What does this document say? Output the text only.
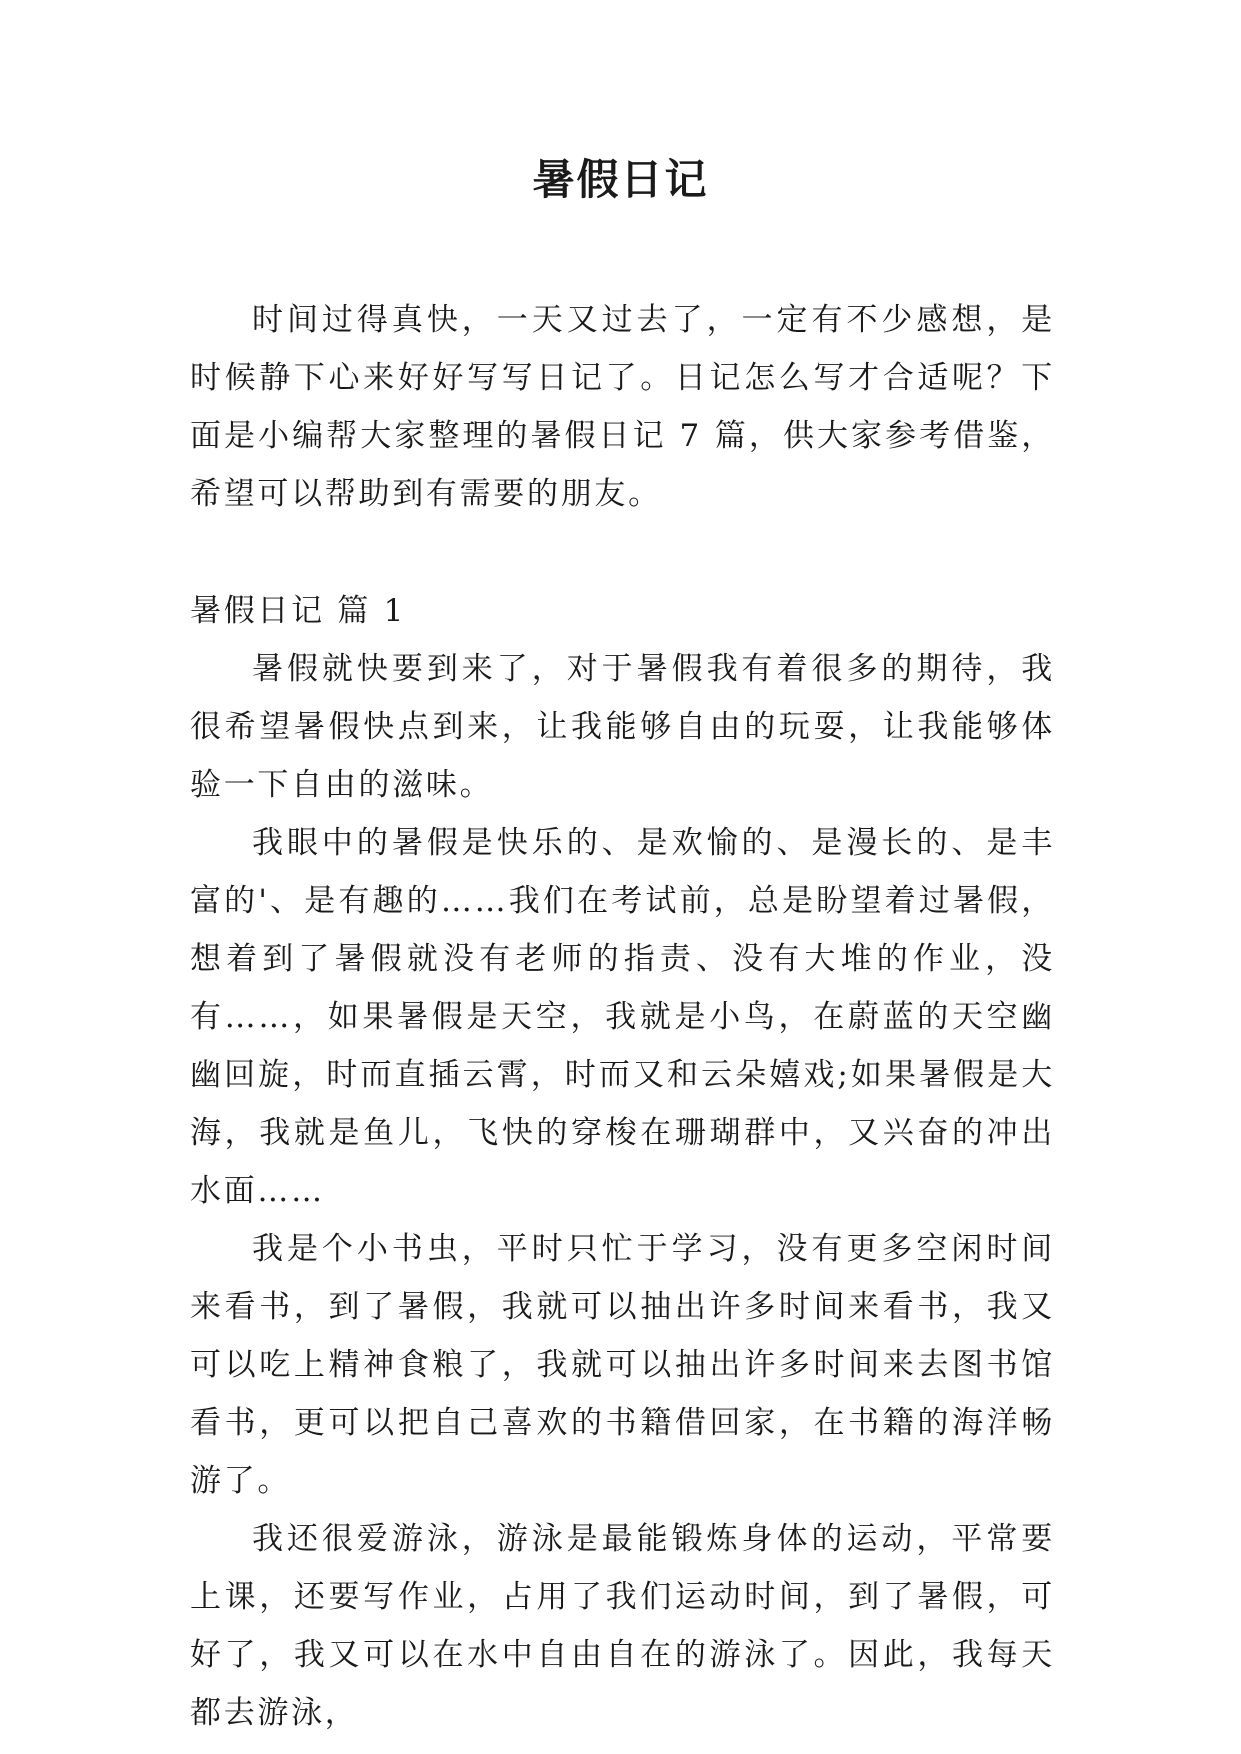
暑假日记

时间过得真快，一天又过去了，一定有不少感想，是时候静下心来好好写写日记了。日记怎么写才合适呢？下面是小编帮大家整理的暑假日记 7 篇，供大家参考借鉴，希望可以帮助到有需要的朋友。

暑假日记 篇 1

暑假就快要到来了，对于暑假我有着很多的期待，我很希望暑假快点到来，让我能够自由的玩耍，让我能够体验一下自由的滋味。

我眼中的暑假是快乐的、是欢愉的、是漫长的、是丰富的'、是有趣的……我们在考试前，总是盼望着过暑假，想着到了暑假就没有老师的指责、没有大堆的作业，没有……，如果暑假是天空，我就是小鸟，在蔚蓝的天空幽幽回旋，时而直插云霄，时而又和云朵嬉戏;如果暑假是大海，我就是鱼儿，飞快的穿梭在珊瑚群中，又兴奋的冲出水面……

我是个小书虫，平时只忙于学习，没有更多空闲时间来看书，到了暑假，我就可以抽出许多时间来看书，我又可以吃上精神食粮了，我就可以抽出许多时间来去图书馆看书，更可以把自己喜欢的书籍借回家，在书籍的海洋畅游了。

我还很爱游泳，游泳是最能锻炼身体的运动，平常要上课，还要写作业，占用了我们运动时间，到了暑假，可好了，我又可以在水中自由自在的游泳了。因此，我每天都去游泳，
